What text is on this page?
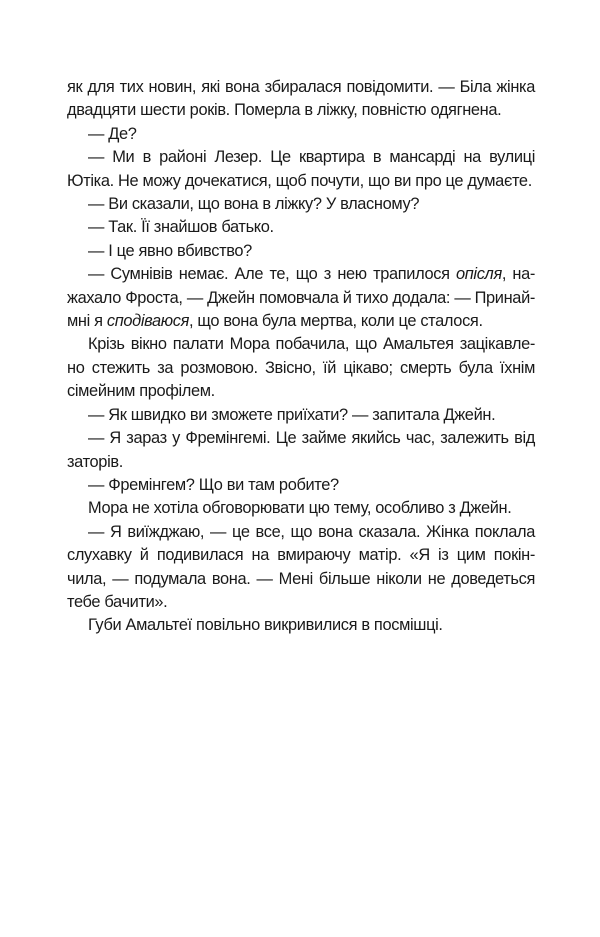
як для тих новин, які вона збиралася повідомити. — Біла жінка
двадцяти шести років. Померла в ліжку, повністю одягнена.

— Де?

— Ми в районі Лезер. Це квартира в мансарді на вулиці
Ютіка. Не можу дочекатися, щоб почути, що ви про це думаєте.

— Ви сказали, що вона в ліжку? У власному?

— Так. Її знайшов батько.

— І це явно вбивство?

— Сумнівів немає. Але те, що з нею трапилося опісля, на-
жахало Фроста, — Джейн помовчала й тихо додала: — Принай-
мні я сподіваюся, що вона була мертва, коли це сталося.

Крізь вікно палати Мора побачила, що Амальтея зацікавле-
но стежить за розмовою. Звісно, їй цікаво; смерть була їхнім
сімейним профілем.

— Як швидко ви зможете приїхати? — запитала Джейн.

— Я зараз у Фремінгемі. Це займе якийсь час, залежить від
заторів.

— Фремінгем? Що ви там робите?

Мора не хотіла обговорювати цю тему, особливо з Джейн.

— Я виїжджаю, — це все, що вона сказала. Жінка поклала
слухавку й подивилася на вмираючу матір. «Я із цим покін-
чила, — подумала вона. — Мені більше ніколи не доведеться
тебе бачити».

Губи Амальтеї повільно викривилися в посмішці.
